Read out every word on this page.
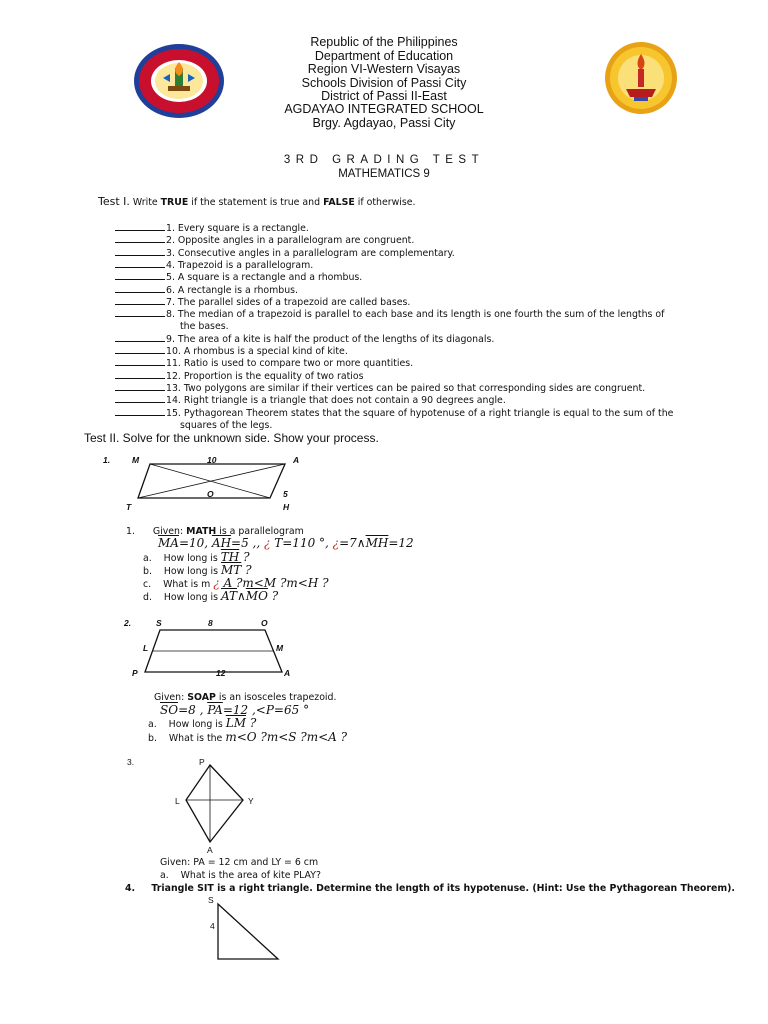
Republic of the Philippines
Department of Education
Region VI-Western Visayas
Schools Division of Passi City
District of Passi II-East
AGDAYAO INTEGRATED SCHOOL
Brgy. Agdayao, Passi City
3RD GRADING TEST
MATHEMATICS 9
Test I. Write TRUE if the statement is true and FALSE if otherwise.
1. Every square is a rectangle.
2. Opposite angles in a parallelogram are congruent.
3. Consecutive angles in a parallelogram are complementary.
4. Trapezoid is a parallelogram.
5. A square is a rectangle and a rhombus.
6. A rectangle is a rhombus.
7. The parallel sides of a trapezoid are called bases.
8. The median of a trapezoid is parallel to each base and its length is one fourth the sum of the lengths of
the bases.
9. The area of a kite is half the product of the lengths of its diagonals.
10. A rhombus is a special kind of kite.
11. Ratio is used to compare two or more quantities.
12. Proportion is the equality of two ratios
13. Two polygons are similar if their vertices can be paired so that corresponding sides are congruent.
14. Right triangle is a triangle that does not contain a 90 degrees angle.
15. Pythagorean Theorem states that the square of hypotenuse of a right triangle is equal to the sum of the
squares of the legs.
Test II. Solve for the unknown side. Show your process.
1.	M	10	A
O	5
T	H
1. Given: MATH is a parallelogram
$\overline{MA}=10$, $\overline{AH}=5$ ,, ¿ T=110 °, ¿$=7\wedge\overline{MH}=12$
a. How long is $\overline{TH}$ ?
b. How long is $\overline{MT}$ ?
c. What is m ¿ A ?m<M ?m<H ?
d. How long is $\overline{AT}\wedge\overline{MO}$ ?
2.	S	8	O
L	M
P	12	A
Given: SOAP is an isosceles trapezoid.
$\overline{SO}=8$ , $\overline{PA}=12$ ,<P=65 °
a. How long is $\overline{LM}$ ?
b. What is the m<O ?m<S ?m<A ?
3.	P
L	Y
A
Given: PA = 12 cm and LY = 6 cm
a. What is the area of kite PLAY?
4. Triangle SIT is a right triangle. Determine the length of its hypotenuse. (Hint: Use the Pythagorean Theorem).
S
4
